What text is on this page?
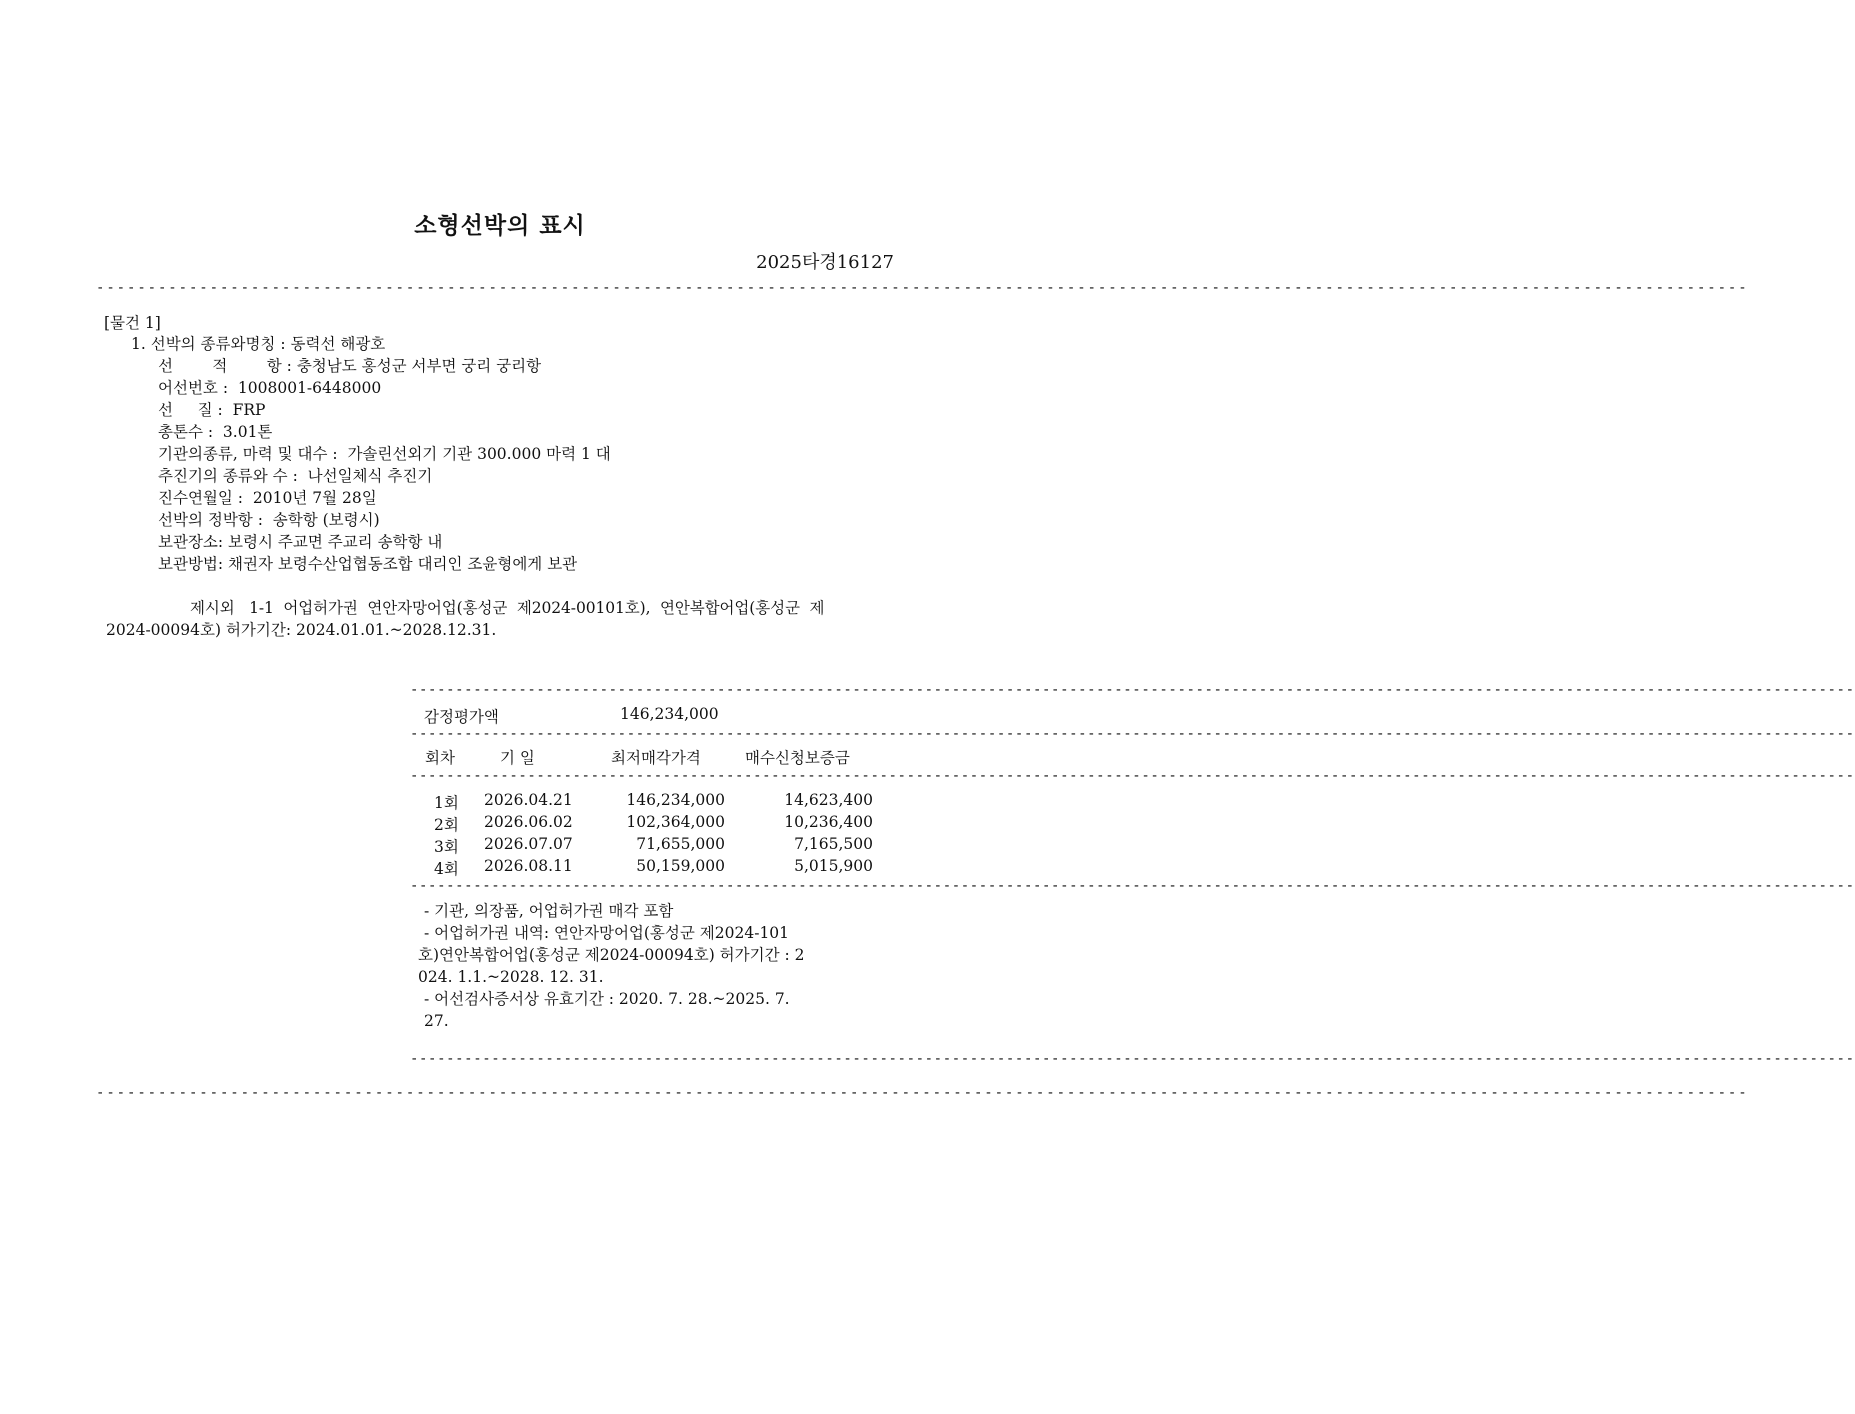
소형선박의 표시
2025타경16127
----------------------------------------------------------------------------------------------------------------------------------------------------------------
[물건 1]
1. 선박의 종류와명칭 : 동력선 해광호
선        적        항 : 충청남도 홍성군 서부면 궁리 궁리항
어선번호 :  1008001-6448000
선     질 :  FRP
총톤수 :  3.01톤
기관의종류, 마력 및 대수 :  가솔린선외기 기관 300.000 마력 1 대
추진기의 종류와 수 :  나선일체식 추진기
진수연월일 :  2010년 7월 28일
선박의 정박항 :  송학항 (보령시)
보관장소: 보령시 주교면 주교리 송학항 내
보관방법: 채권자 보령수산업협동조합 대리인 조윤형에게 보관
제시외   1-1  어업허가권  연안자망어업(홍성군  제2024-00101호),  연안복합어업(홍성군  제
2024-00094호) 허가기간: 2024.01.01.~2028.12.31.
----------------------------------------------------------------------------------------------------------------------------------------------------------------
감정평가액	146,234,000
----------------------------------------------------------------------------------------------------------------------------------------------------------------
회차	기 일	최저매각가격	매수신청보증금
----------------------------------------------------------------------------------------------------------------------------------------------------------------
1회 2026.04.21	146,234,000	14,623,400
2회 2026.06.02	102,364,000	10,236,400
3회 2026.07.07	71,655,000	7,165,500
4회 2026.08.11	50,159,000	5,015,900
----------------------------------------------------------------------------------------------------------------------------------------------------------------
- 기관, 의장품, 어업허가권 매각 포함
- 어업허가권 내역: 연안자망어업(홍성군 제2024-101
호)연안복합어업(홍성군 제2024-00094호) 허가기간 : 2
024. 1.1.~2028. 12. 31.
- 어선검사증서상 유효기간 : 2020. 7. 28.~2025. 7.
27.
----------------------------------------------------------------------------------------------------------------------------------------------------------------
----------------------------------------------------------------------------------------------------------------------------------------------------------------
